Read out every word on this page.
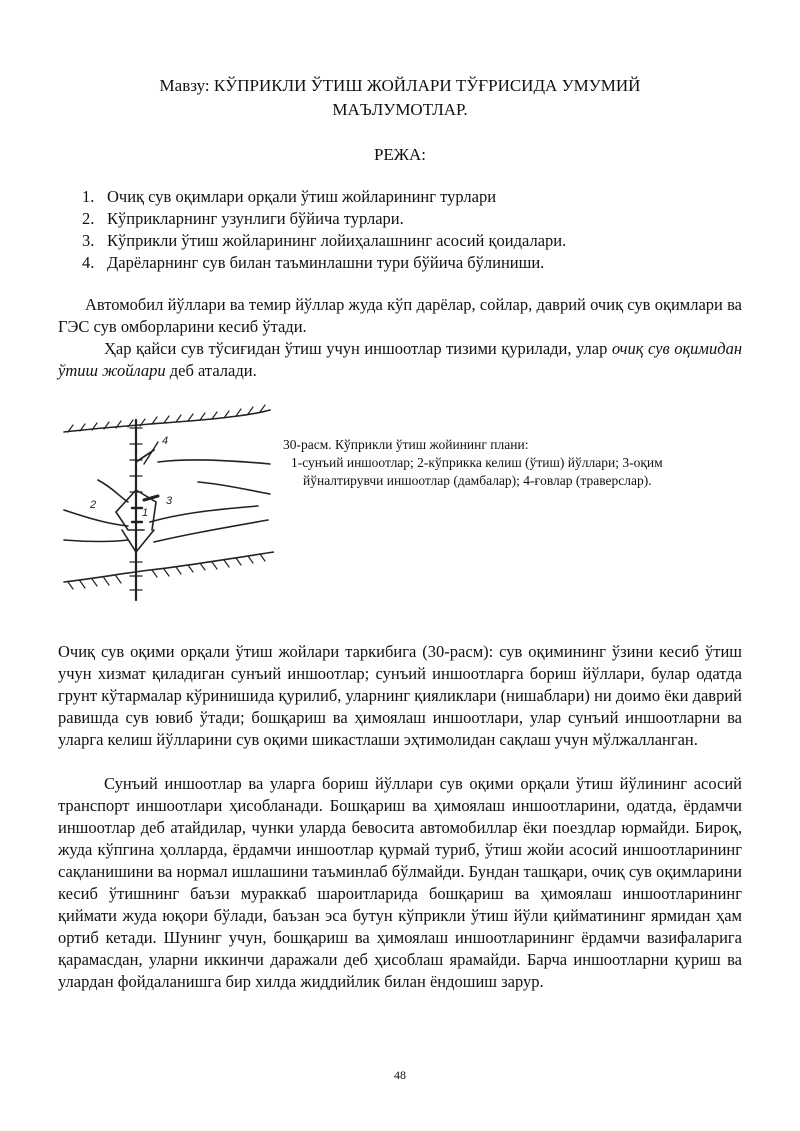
Мавзу: КЎПРИКЛИ ЎТИШ ЖОЙЛАРИ ТЎҒРИСИДА УМУМИЙ
МАЪЛУМОТЛАР.
РЕЖА:
1. Очиқ сув оқимлари орқали ўтиш жойларининг турлари
2. Кўприкларнинг узунлиги бўйича турлари.
3. Кўприкли ўтиш жойларининг лойиҳалашнинг асосий қоидалари.
4. Дарёларнинг сув билан таъминлашни тури бўйича бўлиниши.

Автомобил йўллари ва темир йўллар жуда кўп дарёлар, сойлар, даврий очиқ сув оқимлари ва ГЭС сув омборларини кесиб ўтади.

Ҳар қайси сув тўсиғидан ўтиш учун иншоотлар тизими қурилади, улар очиқ сув оқимидан ўтиш жойлари деб аталади.

4
1
2	3
30-расм. Кўприкли ўтиш жойининг плани:
1-сунъий иншоотлар; 2-кўприкка келиш (ўтиш) йўллари; 3-оқим
йўналтирувчи иншоотлар (дамбалар); 4-ғовлар (траверслар).

Очиқ сув оқими орқали ўтиш жойлари таркибига (30-расм): сув оқимининг ўзини кесиб ўтиш учун хизмат қиладиган сунъий иншоотлар; сунъий иншоотларга бориш йўллари, булар одатда грунт кўтармалар кўринишида қурилиб, уларнинг қияликлари (нишаблари) ни доимо ёки даврий равишда сув ювиб ўтади; бошқариш ва ҳимоялаш иншоотлари, улар сунъий иншоотларни ва уларга келиш йўлларини сув оқими шикастлаши эҳтимолидан сақлаш учун мўлжалланган.

Сунъий иншоотлар ва уларга бориш йўллари сув оқими орқали ўтиш йўлининг асосий транспорт иншоотлари ҳисобланади. Бошқариш ва ҳимоялаш иншоотларини, одатда, ёрдамчи иншоотлар деб атайдилар, чунки уларда бевосита автомобиллар ёки поездлар юрмайди. Бироқ, жуда кўпгина ҳолларда, ёрдамчи иншоотлар қурмай туриб, ўтиш жойи асосий иншоотларининг сақланишини ва нормал ишлашини таъминлаб бўлмайди. Бундан ташқари, очиқ сув оқимларини кесиб ўтишнинг баъзи мураккаб шароитларида бошқариш ва ҳимоялаш иншоотларининг қиймати жуда юқори бўлади, баъзан эса бутун кўприкли ўтиш йўли қийматининг ярмидан ҳам ортиб кетади. Шунинг учун, бошқариш ва ҳимоялаш иншоотларининг ёрдамчи вазифаларига қарамасдан, уларни иккинчи даражали деб ҳисоблаш ярамайди. Барча иншоотларни қуриш ва улардан фойдаланишга бир хилда жиддийлик билан ёндошиш зарур.

48
